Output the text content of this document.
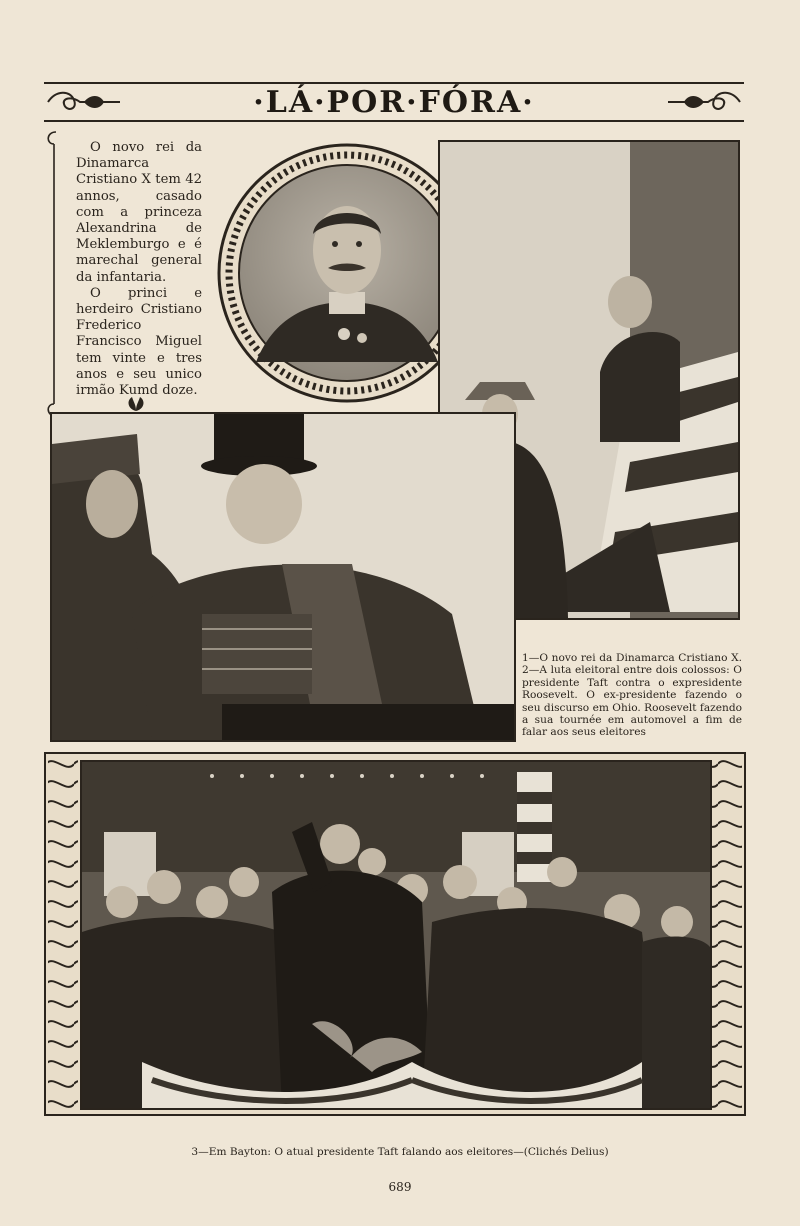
·LÁ·POR·FÓRA·

O novo rei da Dinamarca Cristiano X tem 42 annos, casado com a princeza Alexandrina de Meklemburgo e é marechal general da infantaria.

O princi e herdeiro Cristiano Frederico Francisco Miguel tem vinte e tres anos e seu unico irmão Kumd doze.

1—O novo rei da Dinamarca Cristiano X. 2—A luta eleitoral entre dois colossos: O presidente Taft contra o expresidente Roosevelt. O ex-presidente fazendo o seu discurso em Ohio. Roosevelt fazendo a sua tournée em automovel a fim de falar aos seus eleitores

3—Em Bayton: O atual presidente Taft falando aos eleitores—(Clichés Delius)
689
